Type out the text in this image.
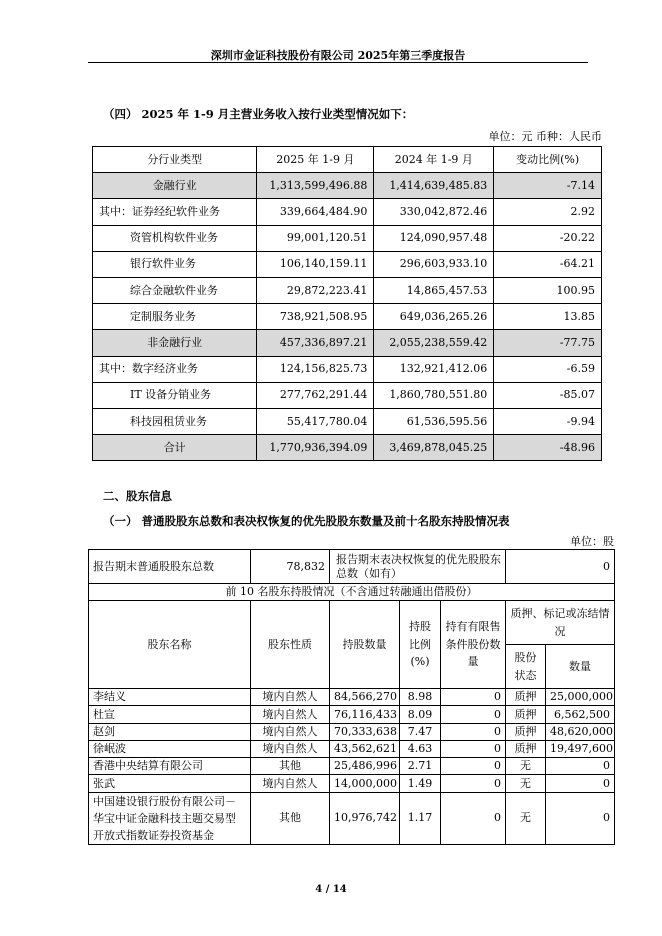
深圳市金证科技股份有限公司 2025年第三季度报告
（四） 2025 年 1-9 月主营业务收入按行业类型情况如下：
单位：元 币种：人民币
分行业类型	2025 年 1-9 月	2024 年 1-9 月	变动比例(%)
金融行业	1,313,599,496.88	1,414,639,485.83	-7.14
其中：证券经纪软件业务	339,664,484.90	330,042,872.46	2.92
资管机构软件业务	99,001,120.51	124,090,957.48	-20.22
银行软件业务	106,140,159.11	296,603,933.10	-64.21
综合金融软件业务	29,872,223.41	14,865,457.53	100.95
定制服务业务	738,921,508.95	649,036,265.26	13.85
非金融行业	457,336,897.21	2,055,238,559.42	-77.75
其中：数字经济业务	124,156,825.73	132,921,412.06	-6.59
IT 设备分销业务	277,762,291.44	1,860,780,551.80	-85.07
科技园租赁业务	55,417,780.04	61,536,595.56	-9.94
合计	1,770,936,394.09	3,469,878,045.25	-48.96
二、股东信息
（一） 普通股股东总数和表决权恢复的优先股股东数量及前十名股东持股情况表
单位：股
报告期末普通股股东总数	78,832	报告期末表决权恢复的优先股股东总数（如有）			0	
前 10 名股东持股情况（不含通过转融通出借股份）						
股东名称	股东性质	持股数量	持股比例(%)	持有有限售条件股份数量	质押、标记或冻结情况	
					股份状态	数量
李结义	境内自然人	84,566,270	8.98	0	质押	25,000,000
杜宣	境内自然人	76,116,433	8.09	0	质押	6,562,500
赵剑	境内自然人	70,333,638	7.47	0	质押	48,620,000
徐岷波	境内自然人	43,562,621	4.63	0	质押	19,497,600
香港中央结算有限公司	其他	25,486,996	2.71	0	无	0
张武	境内自然人	14,000,000	1.49	0	无	0
中国建设银行股份有限公司－华宝中证金融科技主题交易型开放式指数证券投资基金	其他	10,976,742	1.17	0	无	0
4 / 14
